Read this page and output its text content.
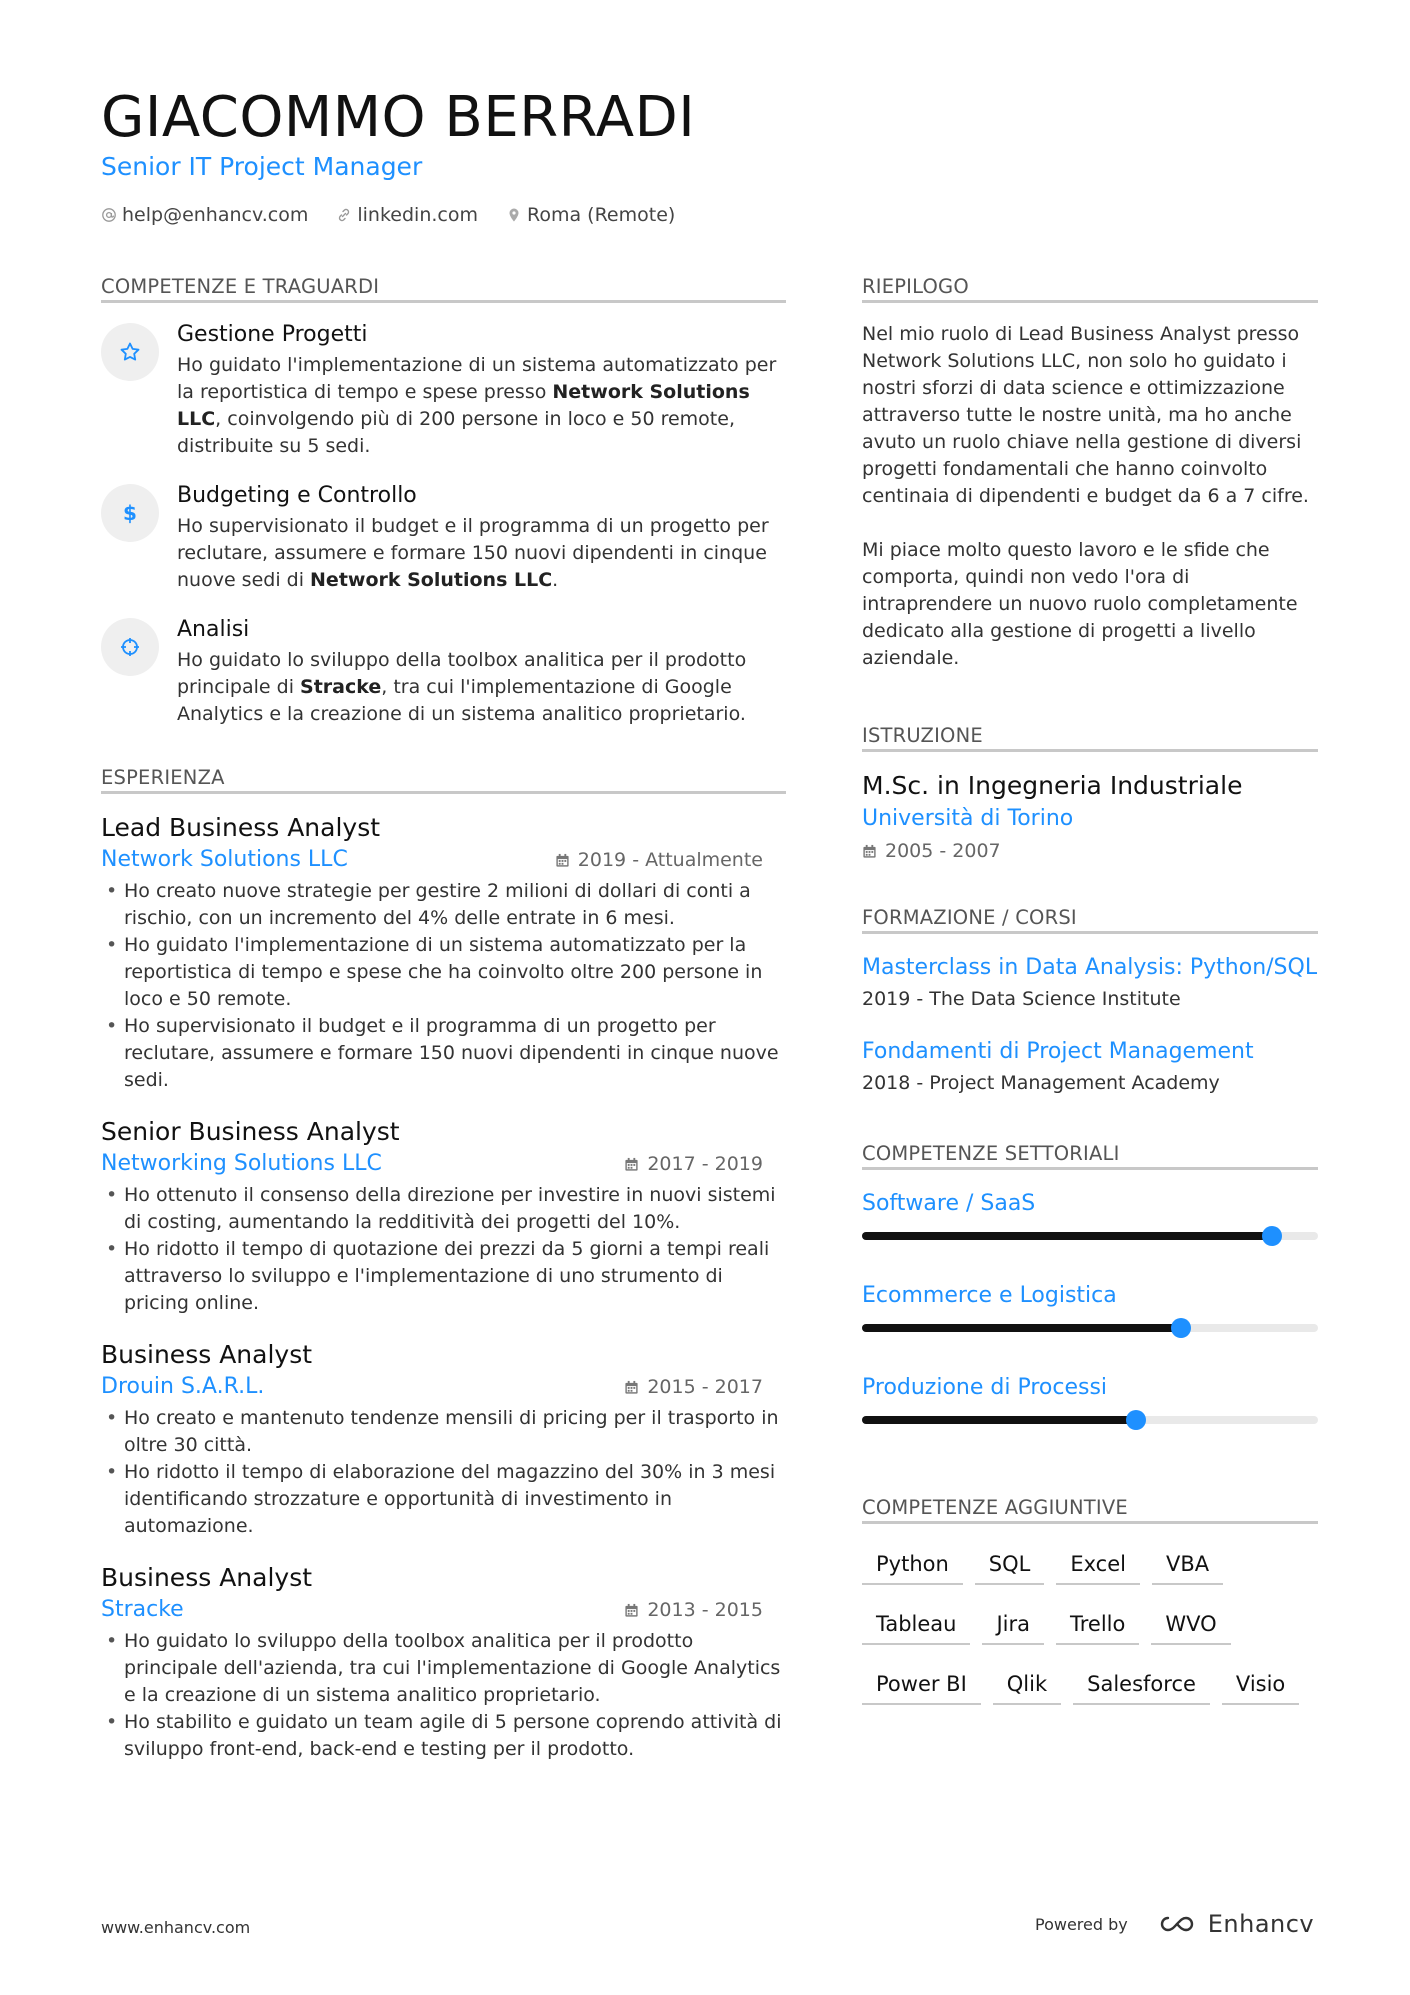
GIACOMMO BERRADI
Senior IT Project Manager
help@enhancv.com	linkedin.com	Roma (Remote)
COMPETENZE E TRAGUARDI
Gestione Progetti
Ho guidato l'implementazione di un sistema automatizzato per la reportistica di tempo e spese presso Network Solutions LLC, coinvolgendo più di 200 persone in loco e 50 remote, distribuite su 5 sedi.
$
Budgeting e Controllo
Ho supervisionato il budget e il programma di un progetto per reclutare, assumere e formare 150 nuovi dipendenti in cinque nuove sedi di Network Solutions LLC.
Analisi
Ho guidato lo sviluppo della toolbox analitica per il prodotto principale di Stracke, tra cui l'implementazione di Google Analytics e la creazione di un sistema analitico proprietario.
ESPERIENZA
Lead Business Analyst
Network Solutions LLC	2019 - Attualmente
• Ho creato nuove strategie per gestire 2 milioni di dollari di conti a rischio, con un incremento del 4% delle entrate in 6 mesi.
• Ho guidato l'implementazione di un sistema automatizzato per la reportistica di tempo e spese che ha coinvolto oltre 200 persone in loco e 50 remote.
• Ho supervisionato il budget e il programma di un progetto per reclutare, assumere e formare 150 nuovi dipendenti in cinque nuove sedi.
Senior Business Analyst
Networking Solutions LLC	2017 - 2019
• Ho ottenuto il consenso della direzione per investire in nuovi sistemi di costing, aumentando la redditività dei progetti del 10%.
• Ho ridotto il tempo di quotazione dei prezzi da 5 giorni a tempi reali attraverso lo sviluppo e l'implementazione di uno strumento di pricing online.
Business Analyst
Drouin S.A.R.L.	2015 - 2017
• Ho creato e mantenuto tendenze mensili di pricing per il trasporto in oltre 30 città.
• Ho ridotto il tempo di elaborazione del magazzino del 30% in 3 mesi identificando strozzature e opportunità di investimento in automazione.
Business Analyst
Stracke	2013 - 2015
• Ho guidato lo sviluppo della toolbox analitica per il prodotto principale dell'azienda, tra cui l'implementazione di Google Analytics e la creazione di un sistema analitico proprietario.
• Ho stabilito e guidato un team agile di 5 persone coprendo attività di sviluppo front-end, back-end e testing per il prodotto.
RIEPILOGO
Nel mio ruolo di Lead Business Analyst presso Network Solutions LLC, non solo ho guidato i nostri sforzi di data science e ottimizzazione attraverso tutte le nostre unità, ma ho anche avuto un ruolo chiave nella gestione di diversi progetti fondamentali che hanno coinvolto centinaia di dipendenti e budget da 6 a 7 cifre.
Mi piace molto questo lavoro e le sfide che comporta, quindi non vedo l'ora di intraprendere un nuovo ruolo completamente dedicato alla gestione di progetti a livello aziendale.
ISTRUZIONE
M.Sc. in Ingegneria Industriale
Università di Torino
2005 - 2007
FORMAZIONE / CORSI
Masterclass in Data Analysis: Python/SQL
2019 - The Data Science Institute
Fondamenti di Project Management
2018 - Project Management Academy
COMPETENZE SETTORIALI
Software / SaaS
Ecommerce e Logistica
Produzione di Processi
COMPETENZE AGGIUNTIVE
Python	SQL	Excel	VBA
Tableau	Jira	Trello	WVO
Power BI	Qlik	Salesforce	Visio
www.enhancv.com	Powered by	Enhancv
